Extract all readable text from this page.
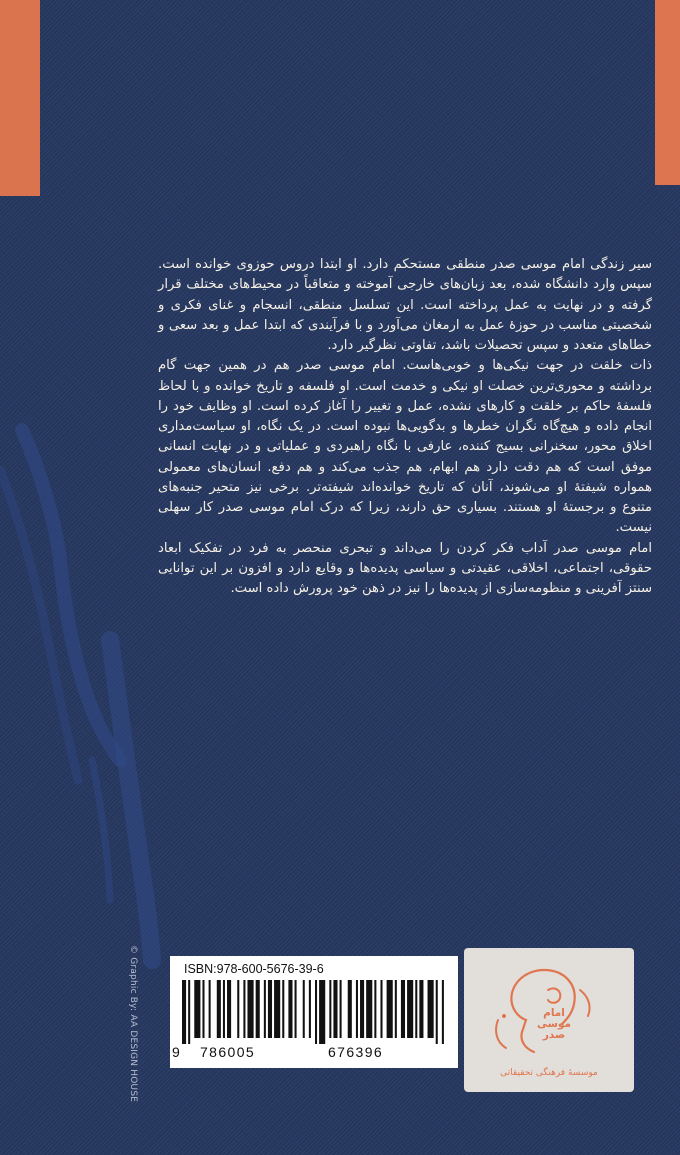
سیر زندگی امام موسی صدر منطقی مستحکم دارد. او ابتدا دروس حوزوی خوانده است. سپس وارد دانشگاه شده، بعد زبان‌های خارجی آموخته و متعاقباً در محیط‌های مختلف قرار گرفته و در نهایت به عمل پرداخته است. این تسلسل منطقی، انسجام و غنای فکری و شخصیتی مناسب در حوزهٔ عمل به ارمغان می‌آورد و با فرآیندی که ابتدا عمل و بعد سعی و خطاهای متعدد و سپس تحصیلات باشد، تفاوتی نظرگیر دارد.

ذات خلقت در جهت نیکی‌ها و خوبی‌هاست. امام موسی صدر هم در همین جهت گام برداشته و محوری‌ترین خصلت او نیکی و خدمت است. او فلسفه و تاریخ خوانده و با لحاظ فلسفهٔ حاکم بر خلقت و کارهای نشده، عمل و تغییر را آغاز کرده است. او وظایف خود را انجام داده و هیچ‌گاه نگران خطرها و بدگویی‌ها نبوده است. در یک نگاه، او سیاست‌مداری اخلاق محور، سخنرانی بسیج کننده، عارفی با نگاه راهبردی و عملیاتی و در نهایت انسانی موفق است که هم دقت دارد هم ابهام، هم جذب می‌کند و هم دفع. انسان‌های معمولی همواره شیفتهٔ او می‌شوند، آنان که تاریخ خوانده‌اند شیفته‌تر. برخی نیز متحیر جنبه‌های متنوع و برجستهٔ او هستند. بسیاری حق دارند، زیرا که درک امام موسی صدر کار سهلی نیست.

امام موسی صدر آداب فکر کردن را می‌داند و تبحری منحصر به فرد در تفکیک ابعاد حقوقی، اجتماعی، اخلاقی، عقیدتی و سیاسی پدیده‌ها و وقایع دارد و افزون بر این توانایی سنتز آفرینی و منظومه‌سازی از پدیده‌ها را نیز در ذهن خود پرورش داده است.

© Graphic By: AA DESIGN HOUSE	ISBN:978-600-5676-39-6
9 786005	676396
امام
موسی
صدر
موسسهٔ فرهنگی تحقیقاتی
